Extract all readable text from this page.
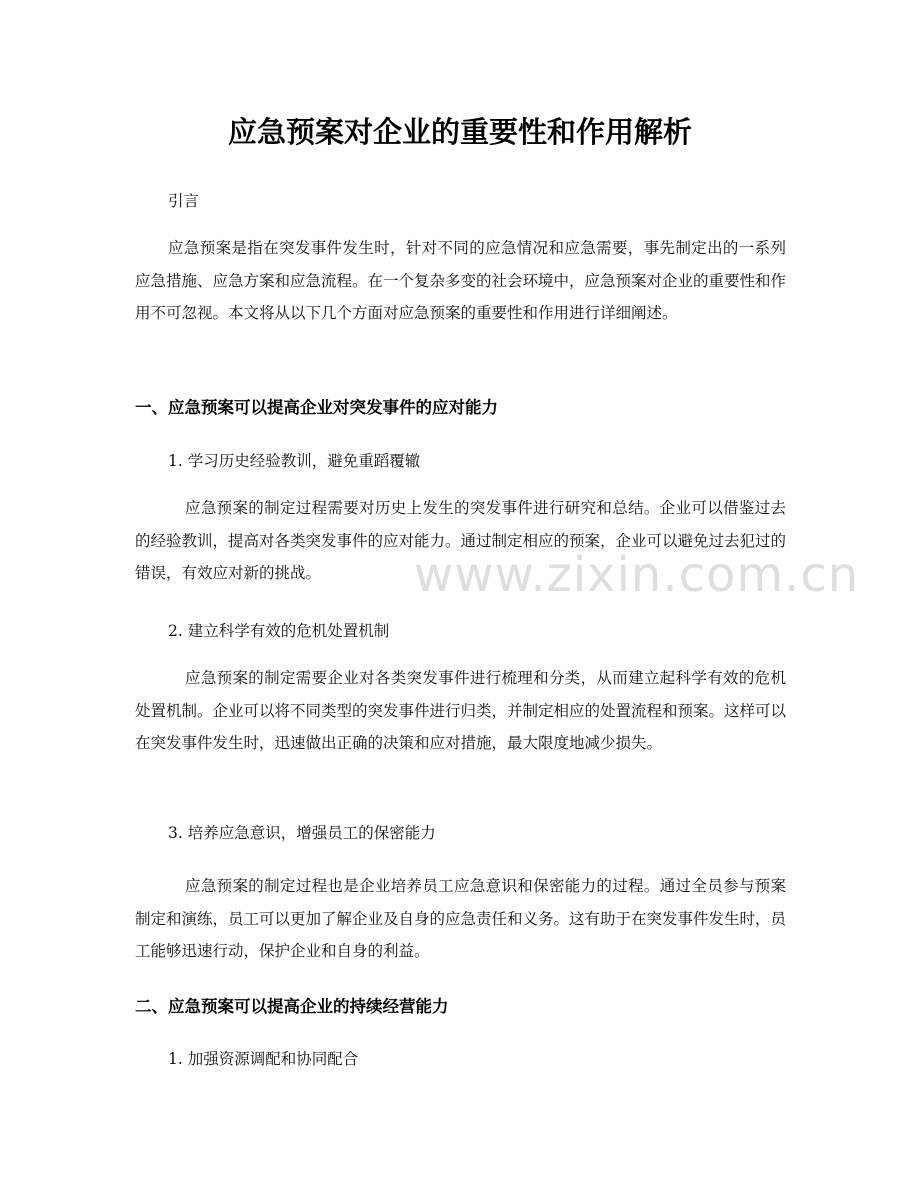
应急预案对企业的重要性和作用解析

引言

应急预案是指在突发事件发生时，针对不同的应急情况和应急需要，事先制定出的一系列应急措施、应急方案和应急流程。在一个复杂多变的社会环境中，应急预案对企业的重要性和作用不可忽视。本文将从以下几个方面对应急预案的重要性和作用进行详细阐述。

一、应急预案可以提高企业对突发事件的应对能力

1. 学习历史经验教训，避免重蹈覆辙

应急预案的制定过程需要对历史上发生的突发事件进行研究和总结。企业可以借鉴过去的经验教训，提高对各类突发事件的应对能力。通过制定相应的预案，企业可以避免过去犯过的错误，有效应对新的挑战。

2. 建立科学有效的危机处置机制

应急预案的制定需要企业对各类突发事件进行梳理和分类，从而建立起科学有效的危机处置机制。企业可以将不同类型的突发事件进行归类，并制定相应的处置流程和预案。这样可以在突发事件发生时，迅速做出正确的决策和应对措施，最大限度地减少损失。

3. 培养应急意识，增强员工的保密能力

应急预案的制定过程也是企业培养员工应急意识和保密能力的过程。通过全员参与预案制定和演练，员工可以更加了解企业及自身的应急责任和义务。这有助于在突发事件发生时，员工能够迅速行动，保护企业和自身的利益。

二、应急预案可以提高企业的持续经营能力

1. 加强资源调配和协同配合

www.zixin.com.cn
